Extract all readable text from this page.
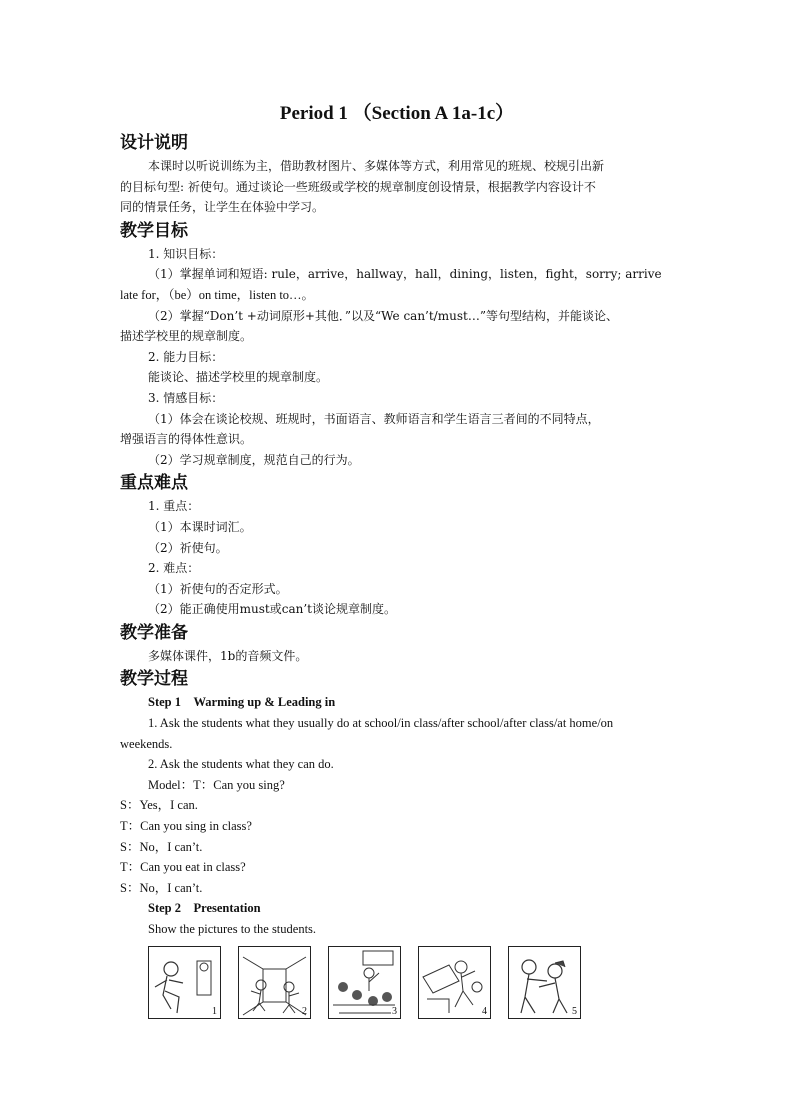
Period 1 （Section A 1a-1c）
设计说明

本课时以听说训练为主，借助教材图片、多媒体等方式，利用常见的班规、校规引出新

的目标句型: 祈使句。通过谈论一些班级或学校的规章制度创设情景，根据教学内容设计不

同的情景任务，让学生在体验中学习。

教学目标

1. 知识目标：

（1）掌握单词和短语: rule，arrive，hallway，hall，dining，listen，fight，sorry; arrive

late for，（be）on time，listen to…。

（2）掌握“Don’t +动词原形+其他．”以及“We can’t/must…”等句型结构，并能谈论、

描述学校里的规章制度。

2. 能力目标：

能谈论、描述学校里的规章制度。

3. 情感目标：

（1）体会在谈论校规、班规时，书面语言、教师语言和学生语言三者间的不同特点，

增强语言的得体性意识。

（2）学习规章制度，规范自己的行为。

重点难点

1. 重点：

（1）本课时词汇。

（2）祈使句。

2. 难点：

（1）祈使句的否定形式。

（2）能正确使用must或can’t谈论规章制度。

教学准备

多媒体课件，1b的音频文件。

教学过程

Step 1　Warming up & Leading in

1. Ask the students what they usually do at school/in class/after school/after class/at home/on

weekends.

2. Ask the students what they can do.

Model：T：Can you sing?

S：Yes，I can.

T：Can you sing in class?

S：No，I can’t.

T：Can you eat in class?

S：No，I can’t.

Step 2　Presentation

Show the pictures to the students.

1	2	3	4	5
